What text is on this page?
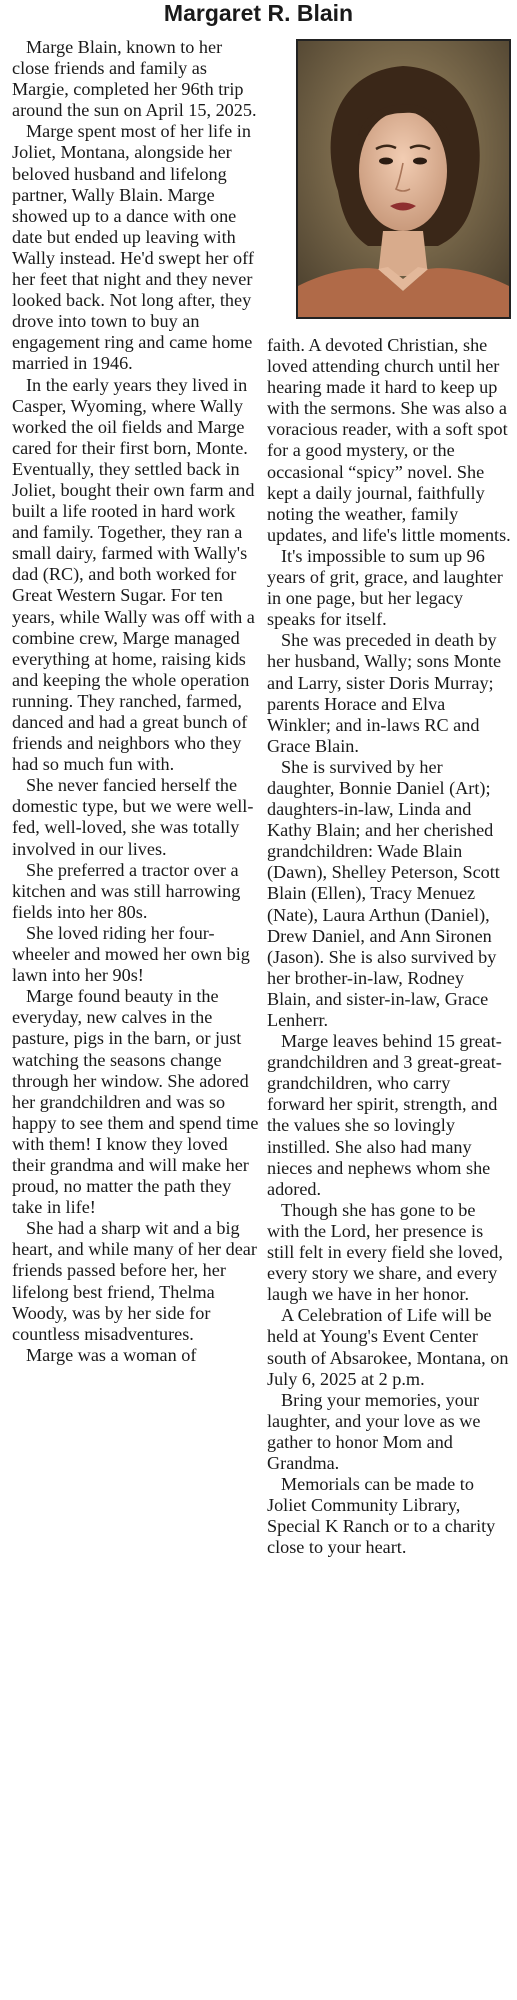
Margaret R. Blain

Marge Blain, known to her close friends and family as Margie, completed her 96th trip around the sun on April 15, 2025.

Marge spent most of her life in Joliet, Montana, alongside her beloved husband and lifelong partner, Wally Blain. Marge showed up to a dance with one date but ended up leaving with Wally instead. He'd swept her off her feet that night and they never looked back. Not long after, they drove into town to buy an engagement ring and came home married in 1946.

In the early years they lived in Casper, Wyoming, where Wally worked the oil fields and Marge cared for their first born, Monte. Eventually, they settled back in Joliet, bought their own farm and built a life rooted in hard work and family. Together, they ran a small dairy, farmed with Wally's dad (RC), and both worked for Great Western Sugar. For ten years, while Wally was off with a combine crew, Marge managed everything at home, raising kids and keeping the whole operation running. They ranched, farmed, danced and had a great bunch of friends and neighbors who they had so much fun with.

She never fancied herself the domestic type, but we were well-fed, well-loved, she was totally involved in our lives.

She preferred a tractor over a kitchen and was still harrowing fields into her 80s.

She loved riding her four-wheeler and mowed her own big lawn into her 90s!

Marge found beauty in the everyday, new calves in the pasture, pigs in the barn, or just watching the seasons change through her window. She adored her grandchildren and was so happy to see them and spend time with them! I know they loved their grandma and will make her proud, no matter the path they take in life!

She had a sharp wit and a big heart, and while many of her dear friends passed before her, her lifelong best friend, Thelma Woody, was by her side for countless misadventures.

Marge was a woman of

faith. A devoted Christian, she loved attending church until her hearing made it hard to keep up with the sermons. She was also a voracious reader, with a soft spot for a good mystery, or the occasional “spicy” novel. She kept a daily journal, faithfully noting the weather, family updates, and life's little moments.

It's impossible to sum up 96 years of grit, grace, and laughter in one page, but her legacy speaks for itself.

She was preceded in death by her husband, Wally; sons Monte and Larry, sister Doris Murray; parents Horace and Elva Winkler; and in-laws RC and Grace Blain.

She is survived by her daughter, Bonnie Daniel (Art); daughters-in-law, Linda and Kathy Blain; and her cherished grandchildren: Wade Blain (Dawn), Shelley Peterson, Scott Blain (Ellen), Tracy Menuez (Nate), Laura Arthun (Daniel), Drew Daniel, and Ann Sironen (Jason). She is also survived by her brother-in-law, Rodney Blain, and sister-in-law, Grace Lenherr.

Marge leaves behind 15 great-grandchildren and 3 great-great-grandchildren, who carry forward her spirit, strength, and the values she so lovingly instilled. She also had many nieces and nephews whom she adored.

Though she has gone to be with the Lord, her presence is still felt in every field she loved, every story we share, and every laugh we have in her honor.

A Celebration of Life will be held at Young's Event Center south of Absarokee, Montana, on July 6, 2025 at 2 p.m.

Bring your memories, your laughter, and your love as we gather to honor Mom and Grandma.

Memorials can be made to Joliet Community Library, Special K Ranch or to a charity close to your heart.
